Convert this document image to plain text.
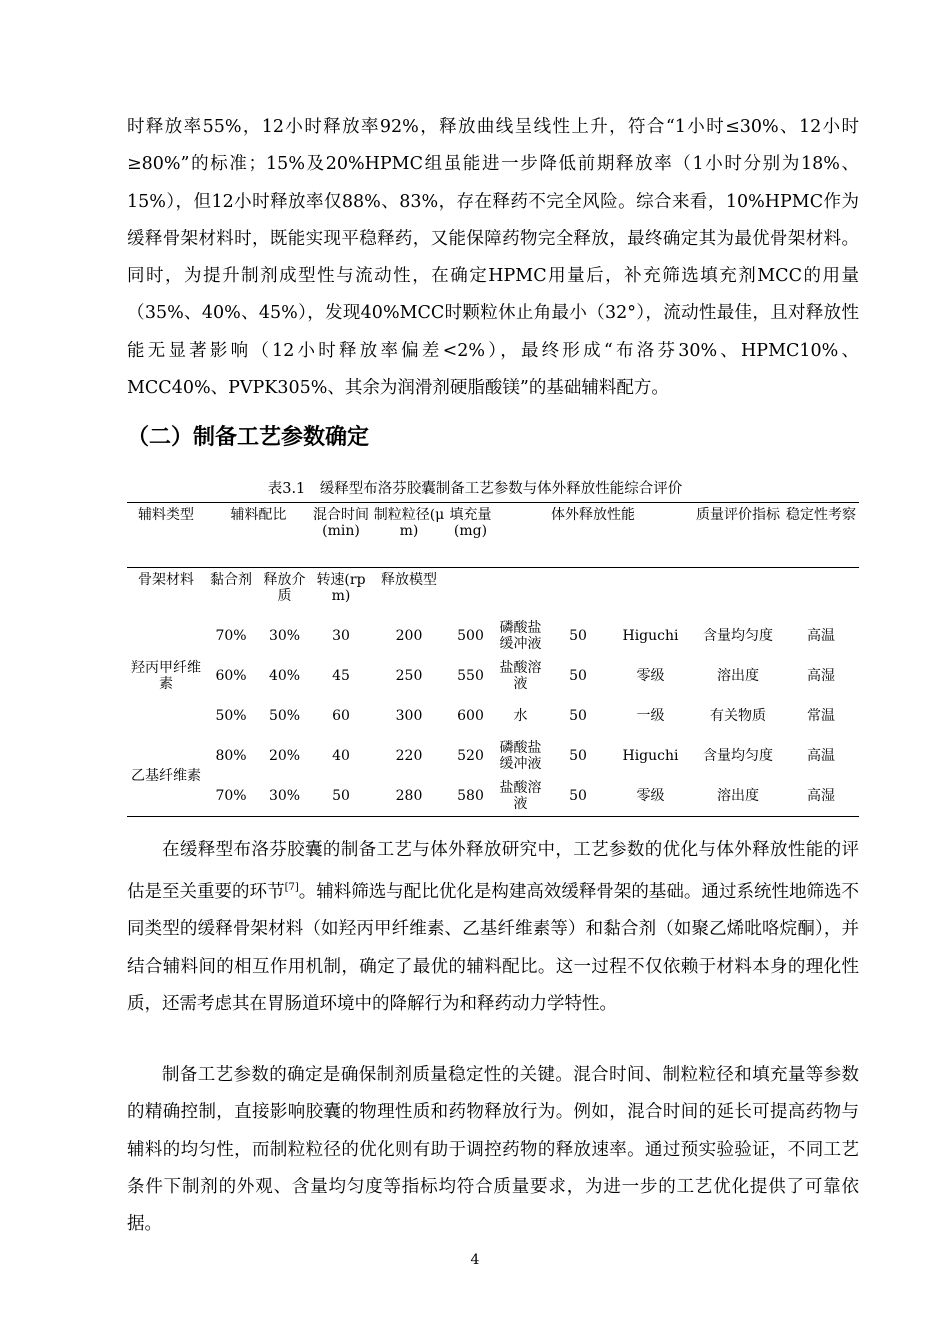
时释放率55%，12小时释放率92%，释放曲线呈线性上升，符合“1小时≤30%、12小时≥80%”的标准；15%及20%HPMC组虽能进一步降低前期释放率（1小时分别为18%、15%），但12小时释放率仅88%、83%，存在释药不完全风险。综合来看，10%HPMC作为缓释骨架材料时，既能实现平稳释药，又能保障药物完全释放，最终确定其为最优骨架材料。同时，为提升制剂成型性与流动性，在确定HPMC用量后，补充筛选填充剂MCC的用量（35%、40%、45%），发现40%MCC时颗粒休止角最小（32°），流动性最佳，且对释放性能无显著影响（12小时释放率偏差<2%），最终形成“布洛芬30%、HPMC10%、MCC40%、PVPK305%、其余为润滑剂硬脂酸镁”的基础辅料配方。

（二）制备工艺参数确定

表3.1　缓释型布洛芬胶囊制备工艺参数与体外释放性能综合评价

辅料类型	辅料配比		混合时间(min)	制粒粒径(μm)	填充量(mg)	体外释放性能			质量评价指标	稳定性考察
骨架材料	黏合剂	释放介质	转速(rpm)	释放模型						
羟丙甲纤维素	70%	30%	30	200	500	磷酸盐缓冲液	50	Higuchi	含量均匀度	高温
	60%	40%	45	250	550	盐酸溶液	50	零级	溶出度	高湿
	50%	50%	60	300	600	水	50	一级	有关物质	常温
乙基纤维素	80%	20%	40	220	520	磷酸盐缓冲液	50	Higuchi	含量均匀度	高温
	70%	30%	50	280	580	盐酸溶液	50	零级	溶出度	高湿

在缓释型布洛芬胶囊的制备工艺与体外释放研究中，工艺参数的优化与体外释放性能的评估是至关重要的环节[7]。辅料筛选与配比优化是构建高效缓释骨架的基础。通过系统性地筛选不同类型的缓释骨架材料（如羟丙甲纤维素、乙基纤维素等）和黏合剂（如聚乙烯吡咯烷酮），并结合辅料间的相互作用机制，确定了最优的辅料配比。这一过程不仅依赖于材料本身的理化性质，还需考虑其在胃肠道环境中的降解行为和释药动力学特性。

制备工艺参数的确定是确保制剂质量稳定性的关键。混合时间、制粒粒径和填充量等参数的精确控制，直接影响胶囊的物理性质和药物释放行为。例如，混合时间的延长可提高药物与辅料的均匀性，而制粒粒径的优化则有助于调控药物的释放速率。通过预实验验证，不同工艺条件下制剂的外观、含量均匀度等指标均符合质量要求，为进一步的工艺优化提供了可靠依据。

4
